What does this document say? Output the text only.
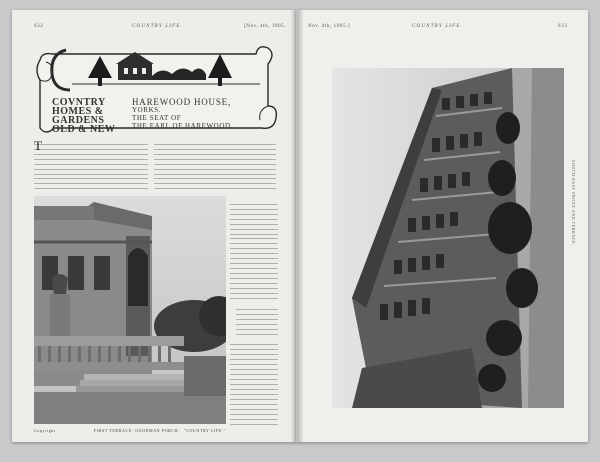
632	COUNTRY LIFE.	[Nov. 4th, 1905.
COVNTRY
HOMES &
GARDENS
OLD & NEW
HAREWOOD HOUSE,
YORKS.
THE SEAT OF
THE EARL OF HAREWOOD.
T
Copyright	FIRST TERRACE: GOODMAN PORCH. "COUNTRY LIFE."
Nov. 4th, 1905.]	COUNTRY LIFE.	633
SOUTH-EAST FRONT AND TERRACE.
